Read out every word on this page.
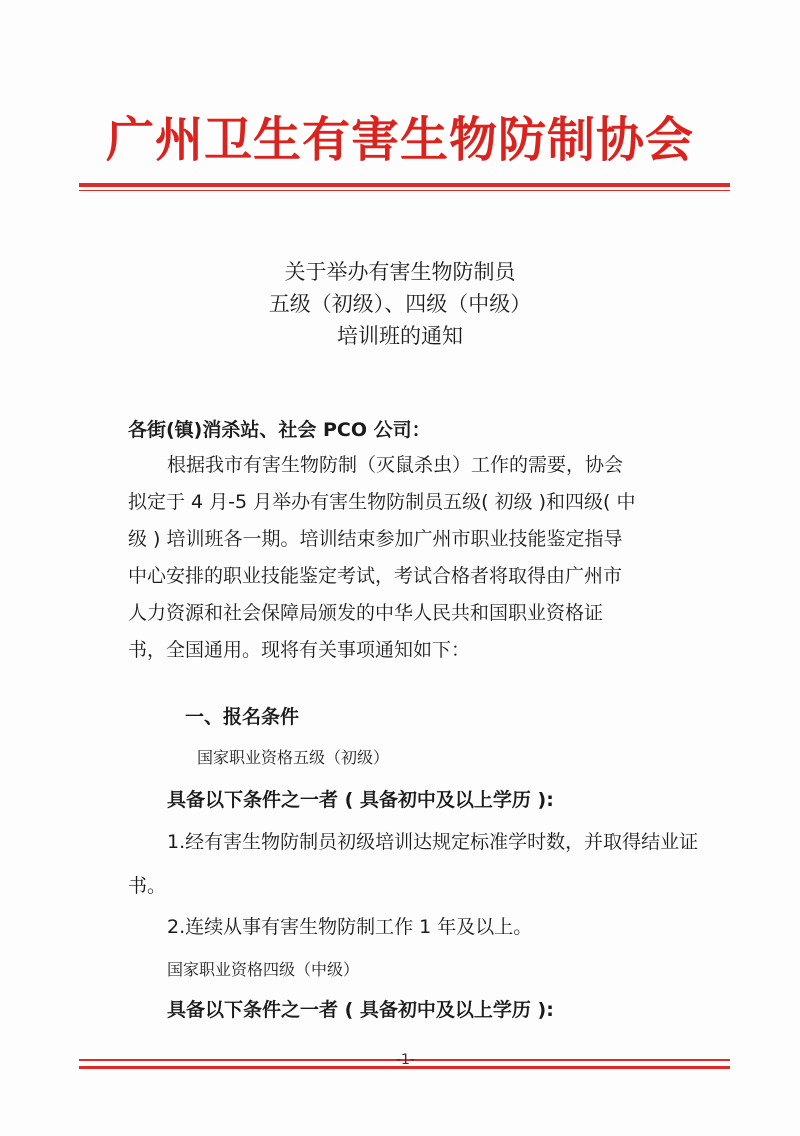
广州卫生有害生物防制协会
关于举办有害生物防制员
五级（初级）、四级（中级）
培训班的通知
各街(镇)消杀站、社会 PCO 公司：
根据我市有害生物防制（灭鼠杀虫）工作的需要，协会
拟定于 4 月-5 月举办有害生物防制员五级( 初级 )和四级( 中
级 ) 培训班各一期。培训结束参加广州市职业技能鉴定指导
中心安排的职业技能鉴定考试，考试合格者将取得由广州市
人力资源和社会保障局颁发的中华人民共和国职业资格证
书，全国通用。现将有关事项通知如下：
一、报名条件
国家职业资格五级（初级）
具备以下条件之一者 ( 具备初中及以上学历 ):
1.经有害生物防制员初级培训达规定标准学时数，并取得结业证
书。
2.连续从事有害生物防制工作 1 年及以上。
国家职业资格四级（中级）
具备以下条件之一者 ( 具备初中及以上学历 ):
-1-
